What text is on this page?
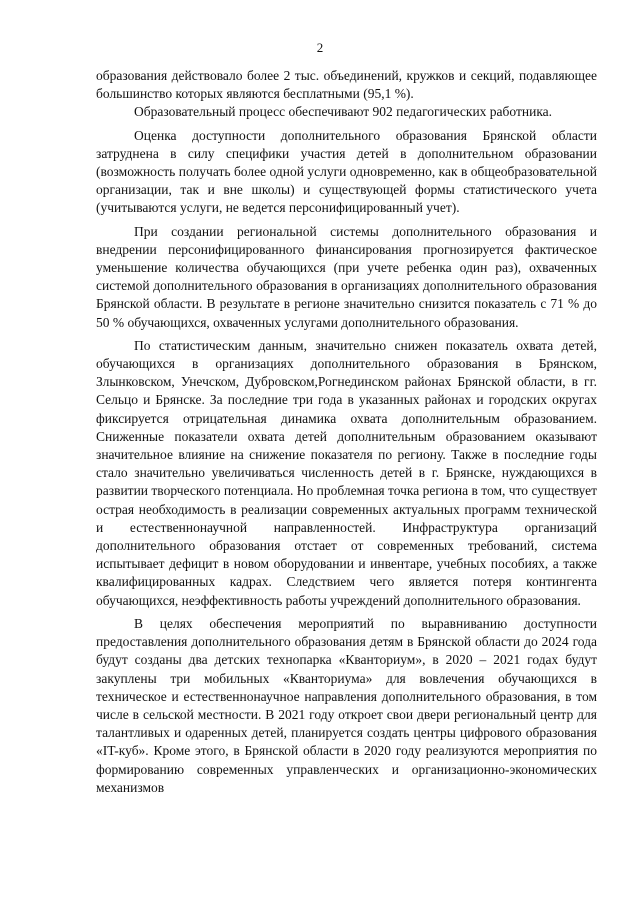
2

образования действовало более 2 тыс. объединений, кружков и секций, подавляющее большинство которых являются бесплатными (95,1 %).

Образовательный процесс обеспечивают 902 педагогических работника.

Оценка доступности дополнительного образования Брянской области затруднена в силу специфики участия детей в дополнительном образовании (возможность получать более одной услуги одновременно, как в общеобразовательной организации, так и вне школы) и существующей формы статистического учета (учитываются услуги, не ведется персонифицированный учет).

При создании региональной системы дополнительного образования и внедрении персонифицированного финансирования прогнозируется фактическое уменьшение количества обучающихся (при учете ребенка один раз), охваченных системой дополнительного образования в организациях дополнительного образования Брянской области. В результате в регионе значительно снизится показатель с 71 % до 50 % обучающихся, охваченных услугами дополнительного образования.

По статистическим данным, значительно снижен показатель охвата детей, обучающихся в организациях дополнительного образования в Брянском, Злынковском, Унечском, Дубровском,Рогнединском районах Брянской области, в гг. Сельцо и Брянске. За последние три года в указанных районах и городских округах фиксируется отрицательная динамика охвата дополнительным образованием. Сниженные показатели охвата детей дополнительным образованием оказывают значительное влияние на снижение показателя по региону. Также в последние годы стало значительно увеличиваться численность детей в г. Брянске, нуждающихся в развитии творческого потенциала. Но проблемная точка региона в том, что существует острая необходимость в реализации современных актуальных программ технической и естественнонаучной направленностей. Инфраструктура организаций дополнительного образования отстает от современных требований, система испытывает дефицит в новом оборудовании и инвентаре, учебных пособиях, а также квалифицированных кадрах. Следствием чего является потеря контингента обучающихся, неэффективность работы учреждений дополнительного образования.

В целях обеспечения мероприятий по выравниванию доступности предоставления дополнительного образования детям в Брянской области до 2024 года будут созданы два детских технопарка «Кванториум», в 2020 – 2021 годах будут закуплены три мобильных «Кванториума» для вовлечения обучающихся в техническое и естественнонаучное направления дополнительного образования, в том числе в сельской местности. В 2021 году откроет свои двери региональный центр для талантливых и одаренных детей, планируется создать центры цифрового образования «IT-куб». Кроме этого, в Брянской области в 2020 году реализуются мероприятия по формированию современных управленческих и организационно-экономических механизмов
